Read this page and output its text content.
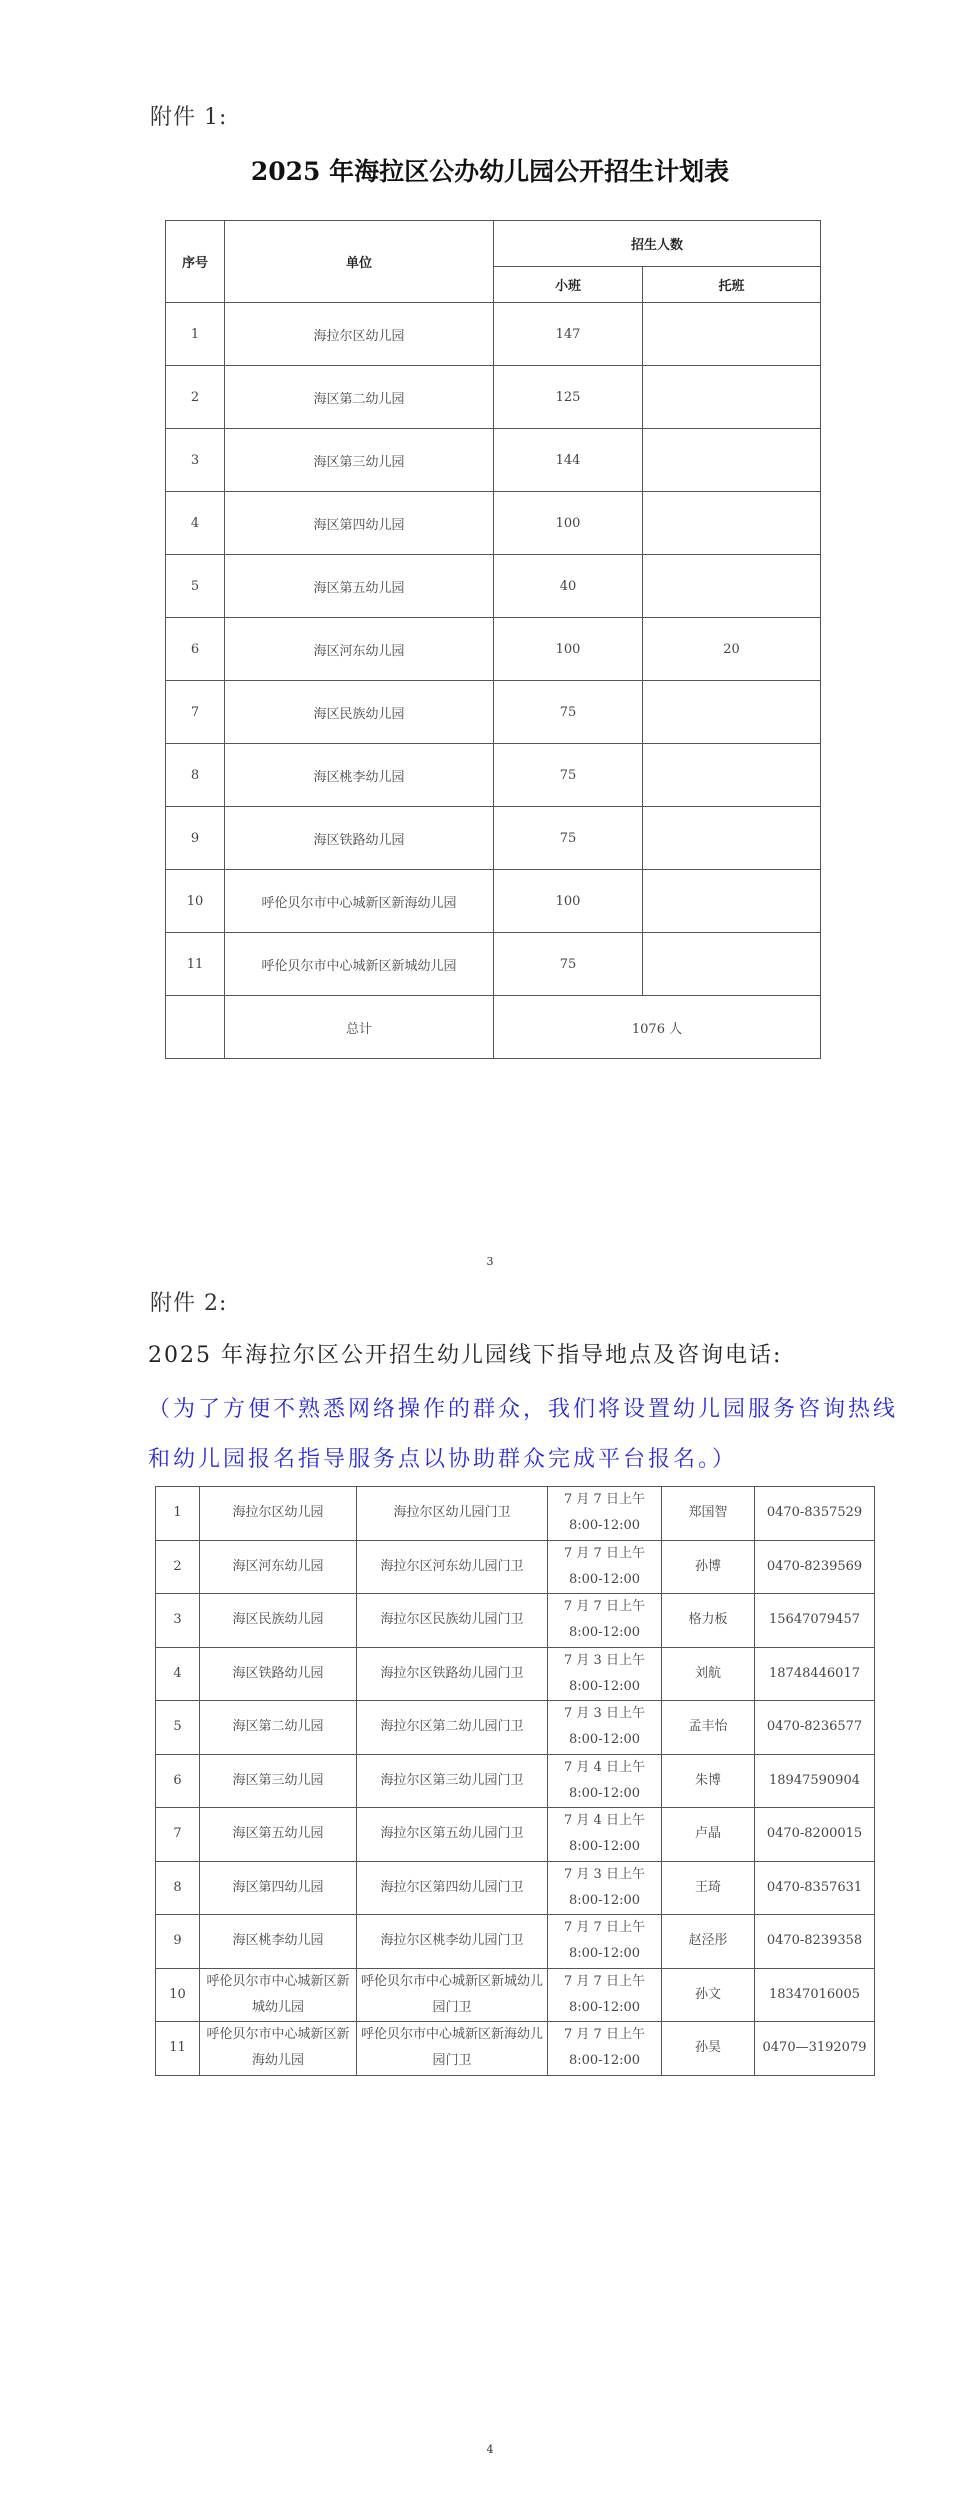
附件 1:
2025 年海拉区公办幼儿园公开招生计划表
序号	单位	招生人数	
		小班	托班
1	海拉尔区幼儿园	147	
2	海区第二幼儿园	125	
3	海区第三幼儿园	144	
4	海区第四幼儿园	100	
5	海区第五幼儿园	40	
6	海区河东幼儿园	100	20
7	海区民族幼儿园	75	
8	海区桃李幼儿园	75	
9	海区铁路幼儿园	75	
10	呼伦贝尔市中心城新区新海幼儿园	100	
11	呼伦贝尔市中心城新区新城幼儿园	75	
	总计	1076 人	
3
附件 2:
2025 年海拉尔区公开招生幼儿园线下指导地点及咨询电话:
（为了方便不熟悉网络操作的群众，我们将设置幼儿园服务咨询热线
和幼儿园报名指导服务点以协助群众完成平台报名。）
1	海拉尔区幼儿园	海拉尔区幼儿园门卫	7 月 7 日上午
8:00-12:00	郑国智	0470-8357529
2	海区河东幼儿园	海拉尔区河东幼儿园门卫	7 月 7 日上午
8:00-12:00	孙博	0470-8239569
3	海区民族幼儿园	海拉尔区民族幼儿园门卫	7 月 7 日上午
8:00-12:00	格力板	15647079457
4	海区铁路幼儿园	海拉尔区铁路幼儿园门卫	7 月 3 日上午
8:00-12:00	刘航	18748446017
5	海区第二幼儿园	海拉尔区第二幼儿园门卫	7 月 3 日上午
8:00-12:00	孟丰怡	0470-8236577
6	海区第三幼儿园	海拉尔区第三幼儿园门卫	7 月 4 日上午
8:00-12:00	朱博	18947590904
7	海区第五幼儿园	海拉尔区第五幼儿园门卫	7 月 4 日上午
8:00-12:00	卢晶	0470-8200015
8	海区第四幼儿园	海拉尔区第四幼儿园门卫	7 月 3 日上午
8:00-12:00	王琦	0470-8357631
9	海区桃李幼儿园	海拉尔区桃李幼儿园门卫	7 月 7 日上午
8:00-12:00	赵泾彤	0470-8239358
10	呼伦贝尔市中心城新区新城幼儿园	呼伦贝尔市中心城新区新城幼儿园门卫	7 月 7 日上午
8:00-12:00	孙文	18347016005
11	呼伦贝尔市中心城新区新海幼儿园	呼伦贝尔市中心城新区新海幼儿园门卫	7 月 7 日上午
8:00-12:00	孙昊	0470—3192079
4
